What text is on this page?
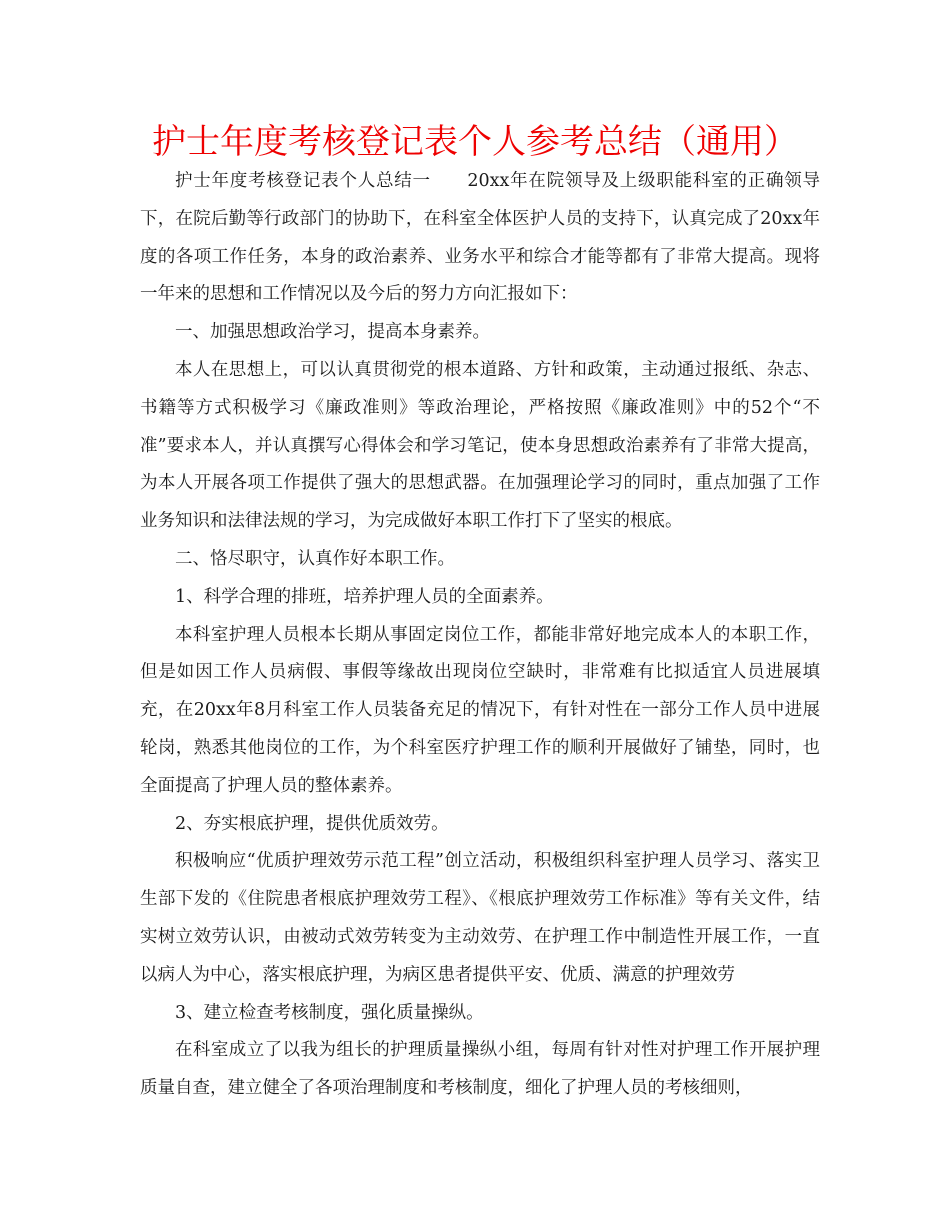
护士年度考核登记表个人参考总结（通用）

护士年度考核登记表个人总结一　　20xx年在院领导及上级职能科室的正确领导下，在院后勤等行政部门的协助下，在科室全体医护人员的支持下，认真完成了20xx年度的各项工作任务，本身的政治素养、业务水平和综合才能等都有了非常大提高。现将一年来的思想和工作情况以及今后的努力方向汇报如下：

一、加强思想政治学习，提高本身素养。

本人在思想上，可以认真贯彻党的根本道路、方针和政策，主动通过报纸、杂志、书籍等方式积极学习《廉政准则》等政治理论，严格按照《廉政准则》中的52个“不准”要求本人，并认真撰写心得体会和学习笔记，使本身思想政治素养有了非常大提高，为本人开展各项工作提供了强大的思想武器。在加强理论学习的同时，重点加强了工作业务知识和法律法规的学习，为完成做好本职工作打下了坚实的根底。

二、恪尽职守，认真作好本职工作。

1、科学合理的排班，培养护理人员的全面素养。

本科室护理人员根本长期从事固定岗位工作，都能非常好地完成本人的本职工作，但是如因工作人员病假、事假等缘故出现岗位空缺时，非常难有比拟适宜人员进展填充，在20xx年8月科室工作人员装备充足的情况下，有针对性在一部分工作人员中进展轮岗，熟悉其他岗位的工作，为个科室医疗护理工作的顺利开展做好了铺垫，同时，也全面提高了护理人员的整体素养。

2、夯实根底护理，提供优质效劳。

积极响应“优质护理效劳示范工程”创立活动，积极组织科室护理人员学习、落实卫生部下发的《住院患者根底护理效劳工程》、《根底护理效劳工作标准》等有关文件，结实树立效劳认识，由被动式效劳转变为主动效劳、在护理工作中制造性开展工作，一直以病人为中心，落实根底护理，为病区患者提供平安、优质、满意的护理效劳

3、建立检查考核制度，强化质量操纵。

在科室成立了以我为组长的护理质量操纵小组，每周有针对性对护理工作开展护理质量自查，建立健全了各项治理制度和考核制度，细化了护理人员的考核细则，
